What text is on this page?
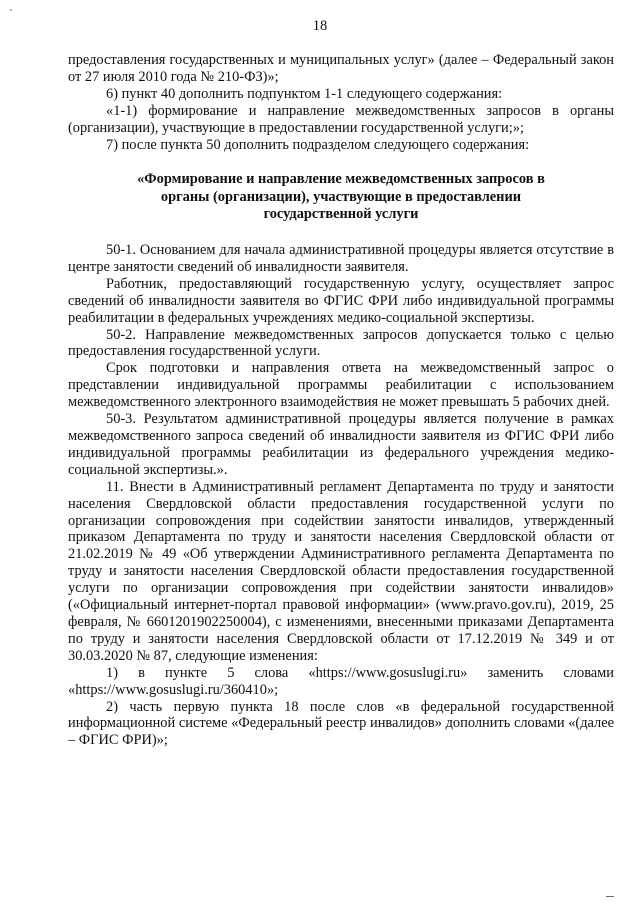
'
18

предоставления государственных и муниципальных услуг» (далее – Федеральный закон от 27 июля 2010 года № 210-ФЗ)»;

6) пункт 40 дополнить подпунктом 1-1 следующего содержания:

«1-1) формирование и направление межведомственных запросов в органы (организации), участвующие в предоставлении государственной услуги;»;

7) после пункта 50 дополнить подразделом следующего содержания:

«Формирование и направление межведомственных запросов в органы (организации), участвующие в предоставлении государственной услуги

50-1. Основанием для начала административной процедуры является отсутствие в центре занятости сведений об инвалидности заявителя.

Работник, предоставляющий государственную услугу, осуществляет запрос сведений об инвалидности заявителя во ФГИС ФРИ либо индивидуальной программы реабилитации в федеральных учреждениях медико-социальной экспертизы.

50-2. Направление межведомственных запросов допускается только с целью предоставления государственной услуги.

Срок подготовки и направления ответа на межведомственный запрос о представлении индивидуальной программы реабилитации с использованием межведомственного электронного взаимодействия не может превышать 5 рабочих дней.

50-3. Результатом административной процедуры является получение в рамках межведомственного запроса сведений об инвалидности заявителя из ФГИС ФРИ либо индивидуальной программы реабилитации из федерального учреждения медико-социальной экспертизы.».

11. Внести в Административный регламент Департамента по труду и занятости населения Свердловской области предоставления государственной услуги по организации сопровождения при содействии занятости инвалидов, утвержденный приказом Департамента по труду и занятости населения Свердловской области от 21.02.2019 № 49 «Об утверждении Административного регламента Департамента по труду и занятости населения Свердловской области предоставления государственной услуги по организации сопровождения при содействии занятости инвалидов» («Официальный интернет-портал правовой информации» (www.pravo.gov.ru), 2019, 25 февраля, № 6601201902250004), с изменениями, внесенными приказами Департамента по труду и занятости населения Свердловской области от 17.12.2019 № 349 и от 30.03.2020 № 87, следующие изменения:

1) в пункте 5 слова «https://www.gosuslugi.ru» заменить словами «https://www.gosuslugi.ru/360410»;

2) часть первую пункта 18 после слов «в федеральной государственной информационной системе «Федеральный реестр инвалидов» дополнить словами «(далее – ФГИС ФРИ)»;
